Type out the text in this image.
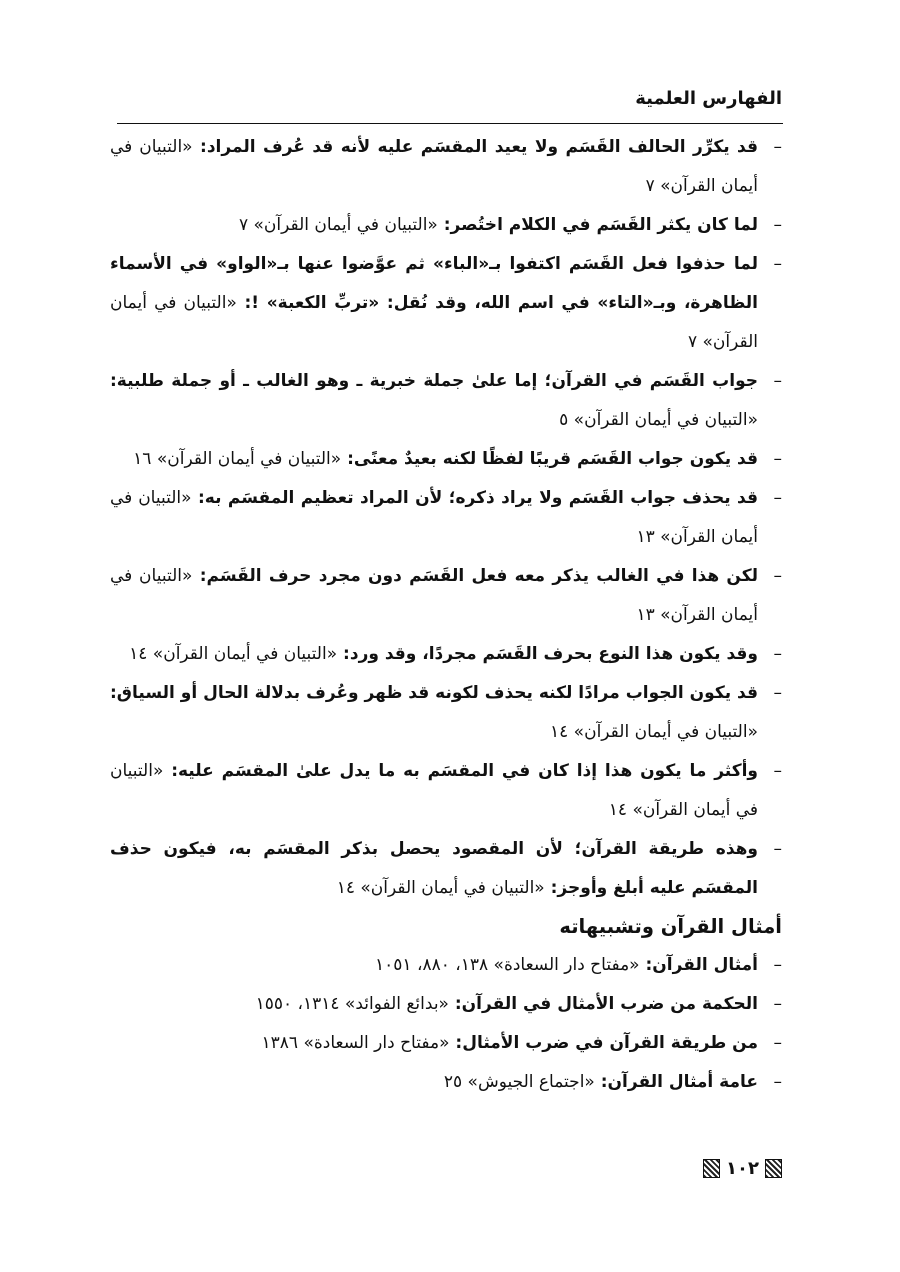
الفهارس العلمية
–
قد يكرِّر الحالف القَسَم ولا يعيد المقسَم عليه لأنه قد عُرف المراد: «التبيان في أيمان القرآن» ٧
–
لما كان يكثر القَسَم في الكلام اختُصر: «التبيان في أيمان القرآن» ٧
–
لما حذفوا فعل القَسَم اكتفوا بـ«الباء» ثم عوَّضوا عنها بـ«الواو» في الأسماء الظاهرة، وبـ«التاء» في اسم الله، وقد نُقل: «تربِّ الكعبة» !: «التبيان في أيمان القرآن» ٧
–
جواب القَسَم في القرآن؛ إما علىٰ جملة خبرية ـ وهو الغالب ـ أو جملة طلبية: «التبيان في أيمان القرآن» ٥
–
قد يكون جواب القَسَم قريبًا لفظًا لكنه بعيدٌ معنًى: «التبيان في أيمان القرآن» ١٦
–
قد يحذف جواب القَسَم ولا يراد ذكره؛ لأن المراد تعظيم المقسَم به: «التبيان في أيمان القرآن» ١٣
–
لكن هذا في الغالب يذكر معه فعل القَسَم دون مجرد حرف القَسَم: «التبيان في أيمان القرآن» ١٣
–
وقد يكون هذا النوع بحرف القَسَم مجردًا، وقد ورد: «التبيان في أيمان القرآن» ١٤
–
قد يكون الجواب مرادًا لكنه يحذف لكونه قد ظهر وعُرف بدلالة الحال أو السياق: «التبيان في أيمان القرآن» ١٤
–
وأكثر ما يكون هذا إذا كان في المقسَم به ما يدل علىٰ المقسَم عليه: «التبيان في أيمان القرآن» ١٤
–
وهذه طريقة القرآن؛ لأن المقصود يحصل بذكر المقسَم به، فيكون حذف المقسَم عليه أبلغ وأوجز: «التبيان في أيمان القرآن» ١٤
أمثال القرآن وتشبيهاته
–
أمثال القرآن: «مفتاح دار السعادة» ١٣٨، ٨٨٠، ١٠٥١
–
الحكمة من ضرب الأمثال في القرآن: «بدائع الفوائد» ١٣١٤، ١٥٥٠
–
من طريقة القرآن في ضرب الأمثال: «مفتاح دار السعادة» ١٣٨٦
–
عامة أمثال القرآن: «اجتماع الجيوش» ٢٥
١٠٢
